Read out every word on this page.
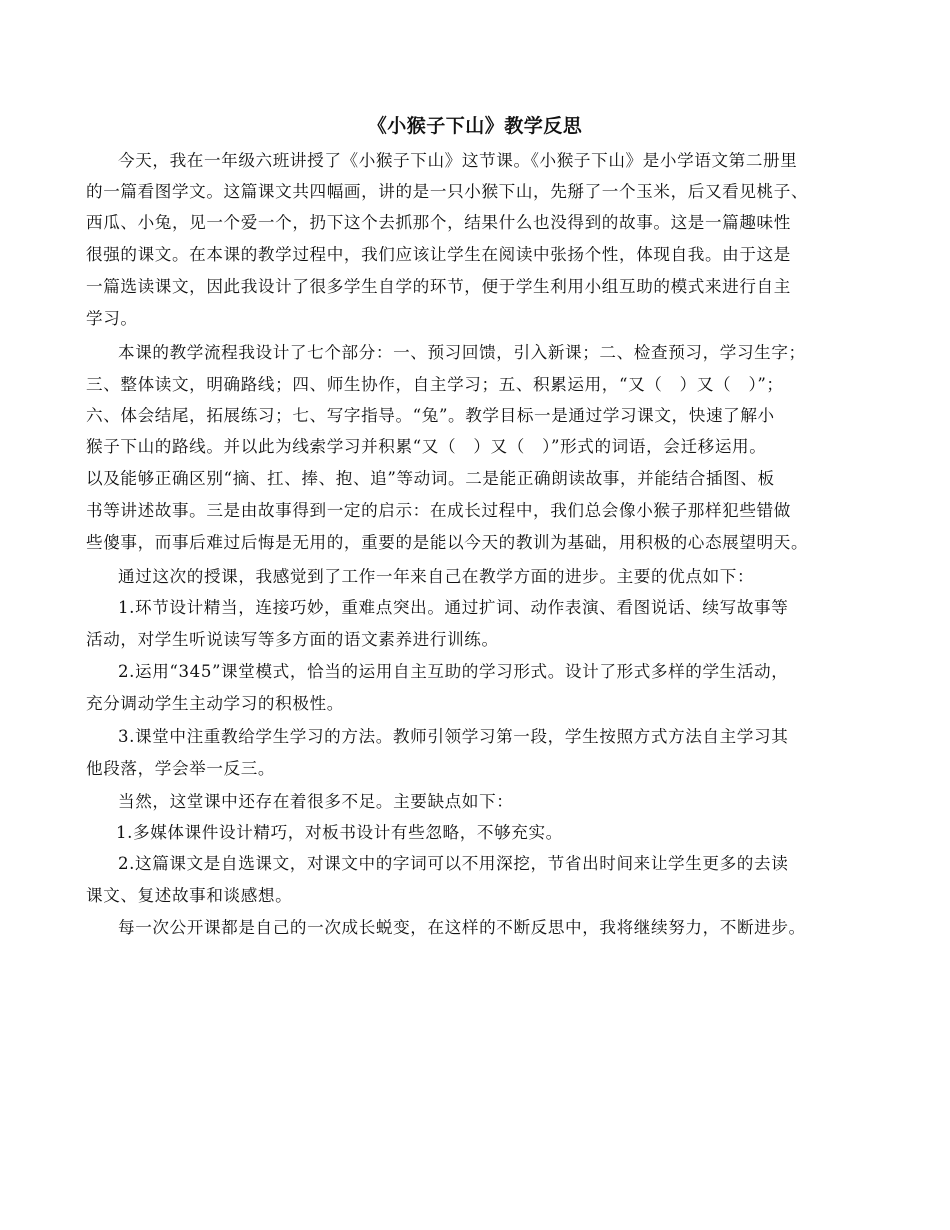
《小猴子下山》教学反思
今天，我在一年级六班讲授了《小猴子下山》这节课。《小猴子下山》是小学语文第二册里
的一篇看图学文。这篇课文共四幅画，讲的是一只小猴下山，先掰了一个玉米，后又看见桃子、
西瓜、小兔，见一个爱一个，扔下这个去抓那个，结果什么也没得到的故事。这是一篇趣味性
很强的课文。在本课的教学过程中，我们应该让学生在阅读中张扬个性，体现自我。由于这是
一篇选读课文，因此我设计了很多学生自学的环节，便于学生利用小组互助的模式来进行自主
学习。
本课的教学流程我设计了七个部分：一、预习回馈，引入新课；二、检查预习，学习生字；
三、整体读文，明确路线；四、师生协作，自主学习；五、积累运用，“又（　）又（　）”；
六、体会结尾，拓展练习；七、写字指导。“兔”。教学目标一是通过学习课文，快速了解小
猴子下山的路线。并以此为线索学习并积累“又（　）又（　）”形式的词语，会迁移运用。
以及能够正确区别“摘、扛、捧、抱、追”等动词。二是能正确朗读故事，并能结合插图、板
书等讲述故事。三是由故事得到一定的启示：在成长过程中，我们总会像小猴子那样犯些错做
些傻事，而事后难过后悔是无用的，重要的是能以今天的教训为基础，用积极的心态展望明天。
通过这次的授课，我感觉到了工作一年来自己在教学方面的进步。主要的优点如下：
1.环节设计精当，连接巧妙，重难点突出。通过扩词、动作表演、看图说话、续写故事等
活动，对学生听说读写等多方面的语文素养进行训练。
2.运用“345”课堂模式，恰当的运用自主互助的学习形式。设计了形式多样的学生活动，
充分调动学生主动学习的积极性。
3.课堂中注重教给学生学习的方法。教师引领学习第一段，学生按照方式方法自主学习其
他段落，学会举一反三。
当然，这堂课中还存在着很多不足。主要缺点如下：
1.多媒体课件设计精巧，对板书设计有些忽略，不够充实。
2.这篇课文是自选课文，对课文中的字词可以不用深挖，节省出时间来让学生更多的去读
课文、复述故事和谈感想。
每一次公开课都是自己的一次成长蜕变，在这样的不断反思中，我将继续努力，不断进步。
